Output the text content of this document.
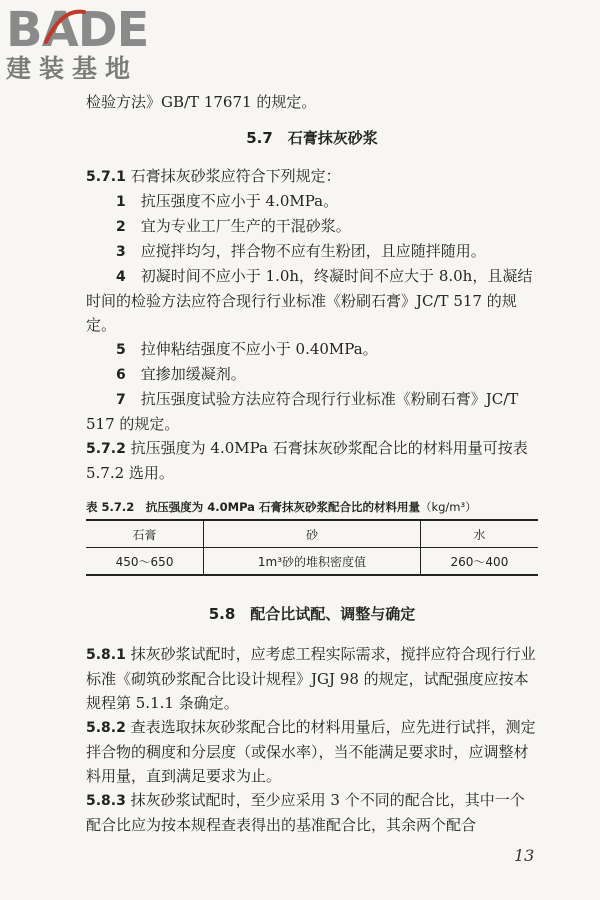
BADE
建装基地

检验方法》GB/T 17671 的规定。

5.7　石膏抹灰砂浆

5.7.1 石膏抹灰砂浆应符合下列规定：

1　 抗压强度不应小于 4.0MPa。

2　 宜为专业工厂生产的干混砂浆。

3　 应搅拌均匀，拌合物不应有生粉团，且应随拌随用。

4　 初凝时间不应小于 1.0h，终凝时间不应大于 8.0h，且凝结时间的检验方法应符合现行行业标准《粉刷石膏》JC/T 517 的规定。

5　 拉伸粘结强度不应小于 0.40MPa。

6　 宜掺加缓凝剂。

7　 抗压强度试验方法应符合现行行业标准《粉刷石膏》JC/T 517 的规定。

5.7.2 抗压强度为 4.0MPa 石膏抹灰砂浆配合比的材料用量可按表 5.7.2 选用。

表 5.7.2　抗压强度为 4.0MPa 石膏抹灰砂浆配合比的材料用量（kg/m³）
石膏	砂	水
450～650	1m³砂的堆积密度值	260～400
5.8　配合比试配、调整与确定

5.8.1 抹灰砂浆试配时，应考虑工程实际需求，搅拌应符合现行行业标准《砌筑砂浆配合比设计规程》JGJ 98 的规定，试配强度应按本规程第 5.1.1 条确定。

5.8.2 查表选取抹灰砂浆配合比的材料用量后，应先进行试拌，测定拌合物的稠度和分层度（或保水率），当不能满足要求时，应调整材料用量，直到满足要求为止。

5.8.3 抹灰砂浆试配时，至少应采用 3 个不同的配合比，其中一个配合比应为按本规程查表得出的基准配合比，其余两个配合

13
